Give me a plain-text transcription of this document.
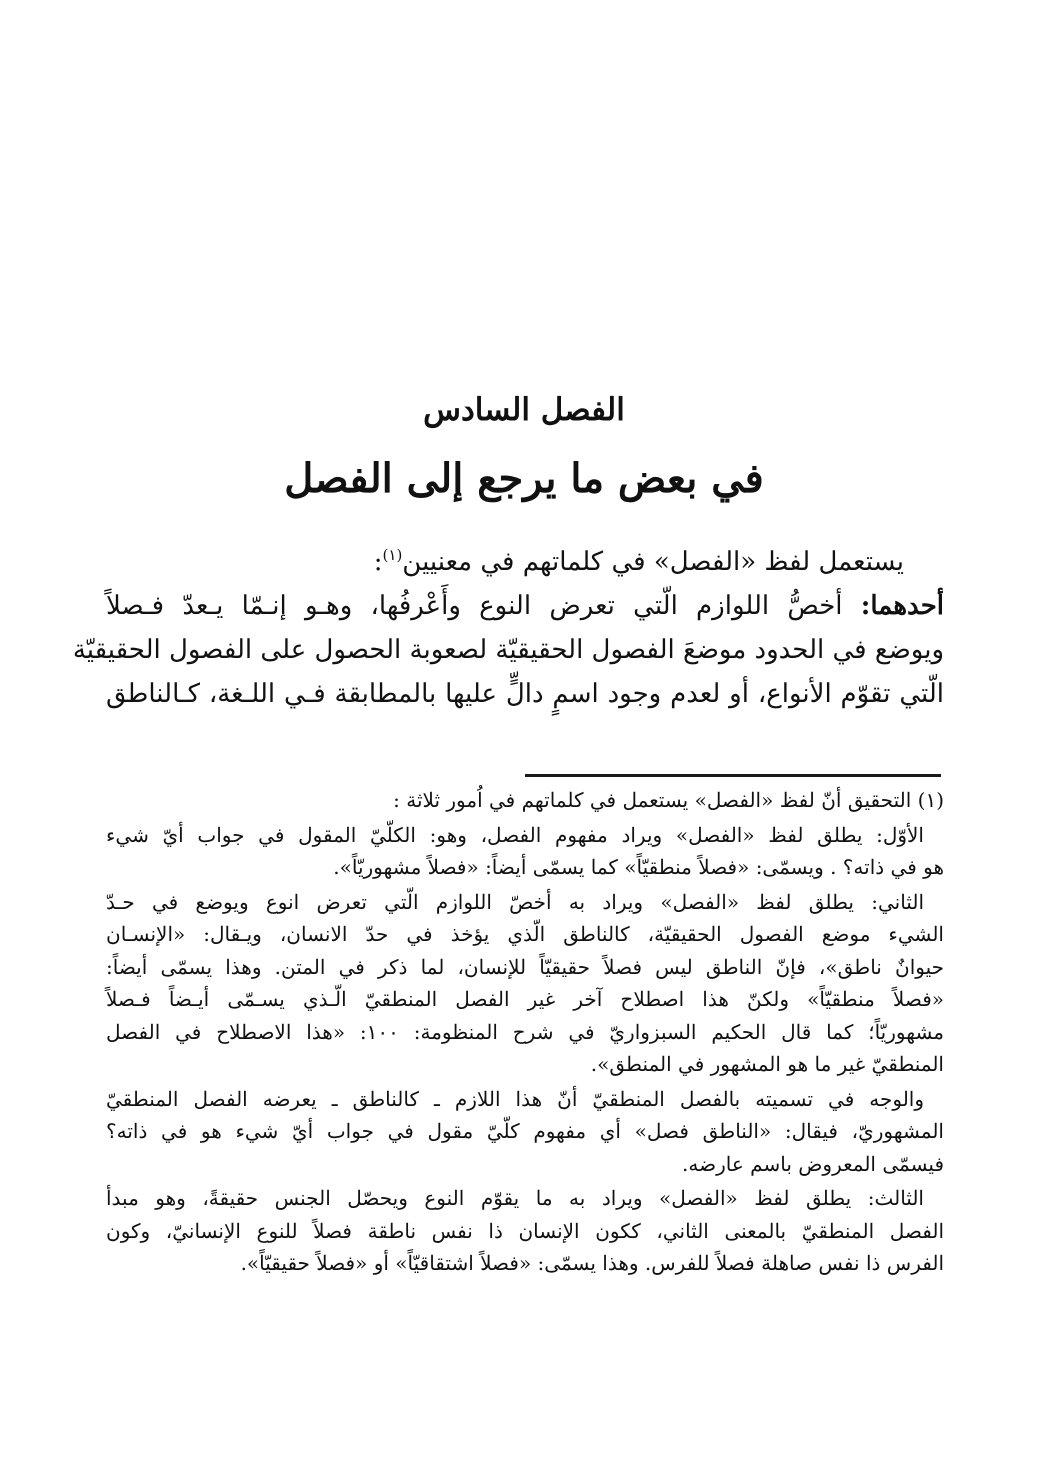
الفصل السادس
في بعض ما يرجع إلى الفصل
يستعمل لفظ «الفصل» في كلماتهم في معنيين$^{(١)}$:
أحدهما: أخصُّ اللوازم الّتي تعرض النوع وأَعْرفُها، وهـو إنـمّا يـعدّ فـصلاً
ويوضع في الحدود موضعَ الفصول الحقيقيّة لصعوبة الحصول على الفصول الحقيقيّة
الّتي تقوّم الأنواع، أو لعدم وجود اسمٍ دالٍّ عليها بالمطابقة فـي اللـغة، كـالناطق
(١) التحقيق أنّ لفظ «الفصل» يستعمل في كلماتهم في اُمور ثلاثة :
الأوّل: يطلق لفظ «الفصل» ويراد مفهوم الفصل، وهو: الكلّيّ المقول في جواب أيّ شيء
هو في ذاته؟ . ويسمّى: «فصلاً منطقيّاً» كما يسمّى أيضاً: «فصلاً مشهوريّاً».
الثاني: يطلق لفظ «الفصل» ويراد به أخصّ اللوازم الّتي تعرض انوع ويوضع في حـدّ
الشيء موضع الفصول الحقيقيّة، كالناطق الّذي يؤخذ في حدّ الانسان، ويـقال: «الإنسـان
حيوانٌ ناطق»، فإنّ الناطق ليس فصلاً حقيقيّاً للإنسان، لما ذكر في المتن. وهذا يسمّى أيضاً:
«فصلاً منطقيّاً» ولكنّ هذا اصطلاح آخر غير الفصل المنطقيّ الّـذي يسـمّى أيـضاً فـصلاً
مشهوريّاً؛ كما قال الحكيم السبزواريّ في شرح المنظومة: ١٠٠: «هذا الاصطلاح في الفصل
المنطقيّ غير ما هو المشهور في المنطق».
والوجه في تسميته بالفصل المنطقيّ أنّ هذا اللازم ـ كالناطق ـ يعرضه الفصل المنطقيّ
المشهوريّ، فيقال: «الناطق فصل» أي مفهوم كلّيّ مقول في جواب أيّ شيء هو في ذاته؟
فيسمّى المعروض باسم عارضه.
الثالث: يطلق لفظ «الفصل» ويراد به ما يقوّم النوع ويحصّل الجنس حقيقةً، وهو مبدأ
الفصل المنطقيّ بالمعنى الثاني، ككون الإنسان ذا نفس ناطقة فصلاً للنوع الإنسانيّ، وكون
الفرس ذا نفس صاهلة فصلاً للفرس. وهذا يسمّى: «فصلاً اشتقاقيّاً» أو «فصلاً حقيقيّاً».
